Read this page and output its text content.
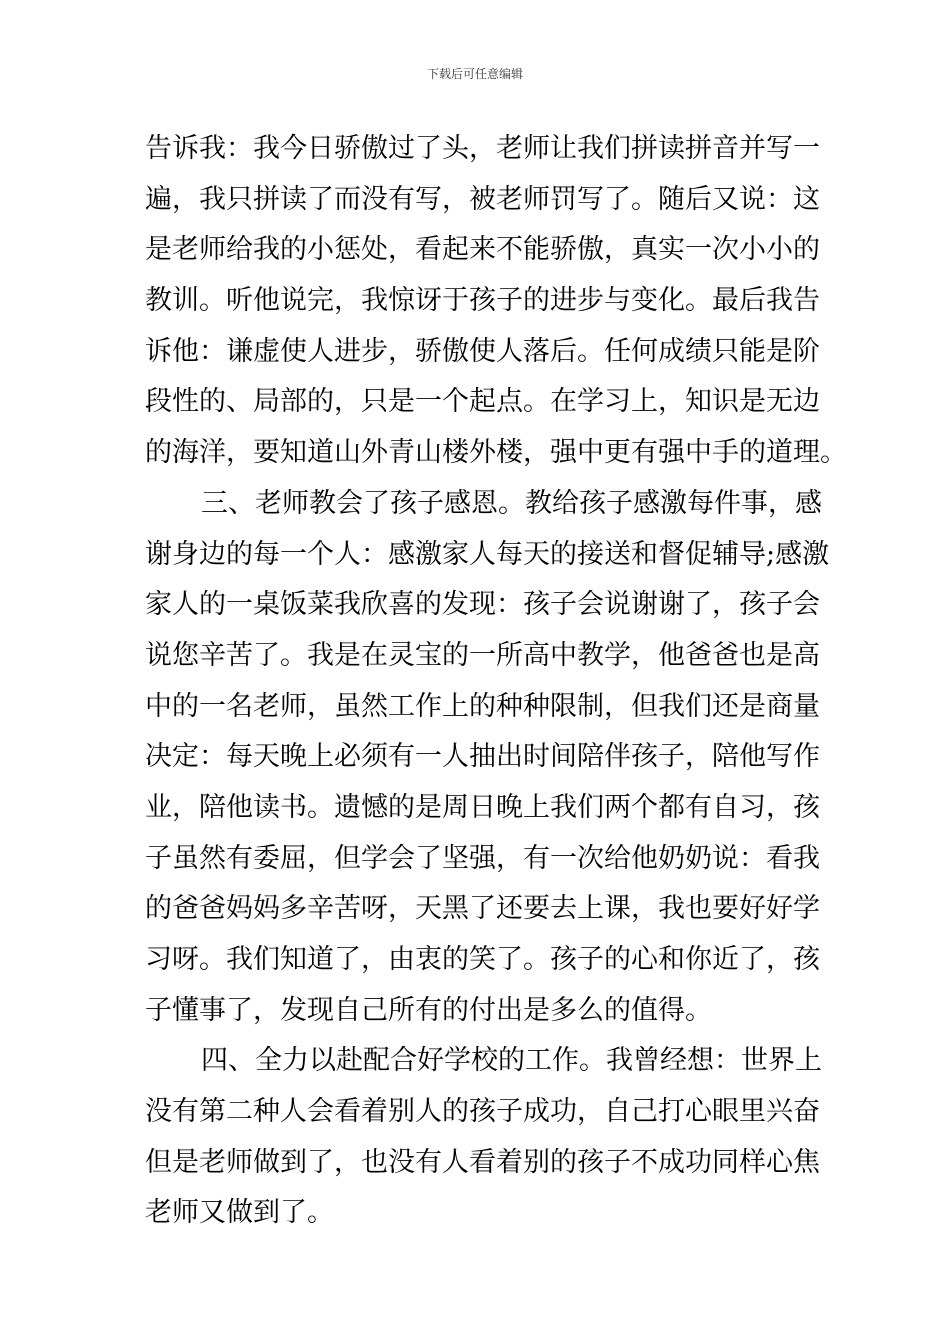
下载后可任意编辑
告诉我：我今日骄傲过了头，老师让我们拼读拼音并写一
遍，我只拼读了而没有写，被老师罚写了。随后又说：这
是老师给我的小惩处，看起来不能骄傲，真实一次小小的
教训。听他说完，我惊讶于孩子的进步与变化。最后我告
诉他：谦虚使人进步，骄傲使人落后。任何成绩只能是阶
段性的、局部的，只是一个起点。在学习上，知识是无边
的海洋，要知道山外青山楼外楼，强中更有强中手的道理。
三、老师教会了孩子感恩。教给孩子感激每件事，感
谢身边的每一个人：感激家人每天的接送和督促辅导;感激
家人的一桌饭菜我欣喜的发现：孩子会说谢谢了，孩子会
说您辛苦了。我是在灵宝的一所高中教学，他爸爸也是高
中的一名老师，虽然工作上的种种限制，但我们还是商量
决定：每天晚上必须有一人抽出时间陪伴孩子，陪他写作
业，陪他读书。遗憾的是周日晚上我们两个都有自习，孩
子虽然有委屈，但学会了坚强，有一次给他奶奶说：看我
的爸爸妈妈多辛苦呀，天黑了还要去上课，我也要好好学
习呀。我们知道了，由衷的笑了。孩子的心和你近了，孩
子懂事了，发现自己所有的付出是多么的值得。
四、全力以赴配合好学校的工作。我曾经想：世界上
没有第二种人会看着别人的孩子成功，自己打心眼里兴奋
但是老师做到了，也没有人看着别的孩子不成功同样心焦
老师又做到了。
